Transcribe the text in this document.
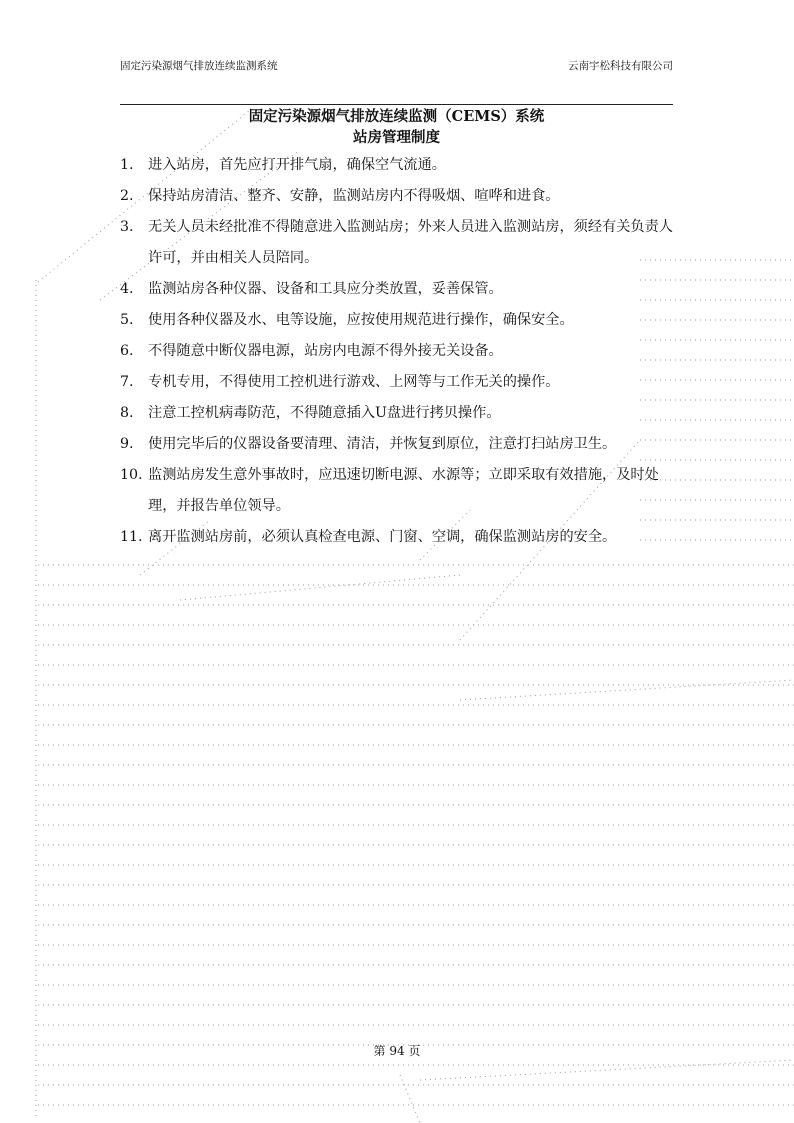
固定污染源烟气排放连续监测系统	云南宇松科技有限公司
固定污染源烟气排放连续监测（CEMS）系统
站房管理制度
1. 进入站房，首先应打开排气扇，确保空气流通。
2. 保持站房清洁、整齐、安静，监测站房内不得吸烟、喧哗和进食。
3. 无关人员未经批准不得随意进入监测站房；外来人员进入监测站房，须经有关负责人许可，并由相关人员陪同。
4. 监测站房各种仪器、设备和工具应分类放置，妥善保管。
5. 使用各种仪器及水、电等设施，应按使用规范进行操作，确保安全。
6. 不得随意中断仪器电源，站房内电源不得外接无关设备。
7. 专机专用，不得使用工控机进行游戏、上网等与工作无关的操作。
8. 注意工控机病毒防范，不得随意插入U盘进行拷贝操作。
9. 使用完毕后的仪器设备要清理、清洁，并恢复到原位，注意打扫站房卫生。
10. 监测站房发生意外事故时，应迅速切断电源、水源等；立即采取有效措施，及时处理，并报告单位领导。
11. 离开监测站房前，必须认真检查电源、门窗、空调，确保监测站房的安全。
第 94 页
